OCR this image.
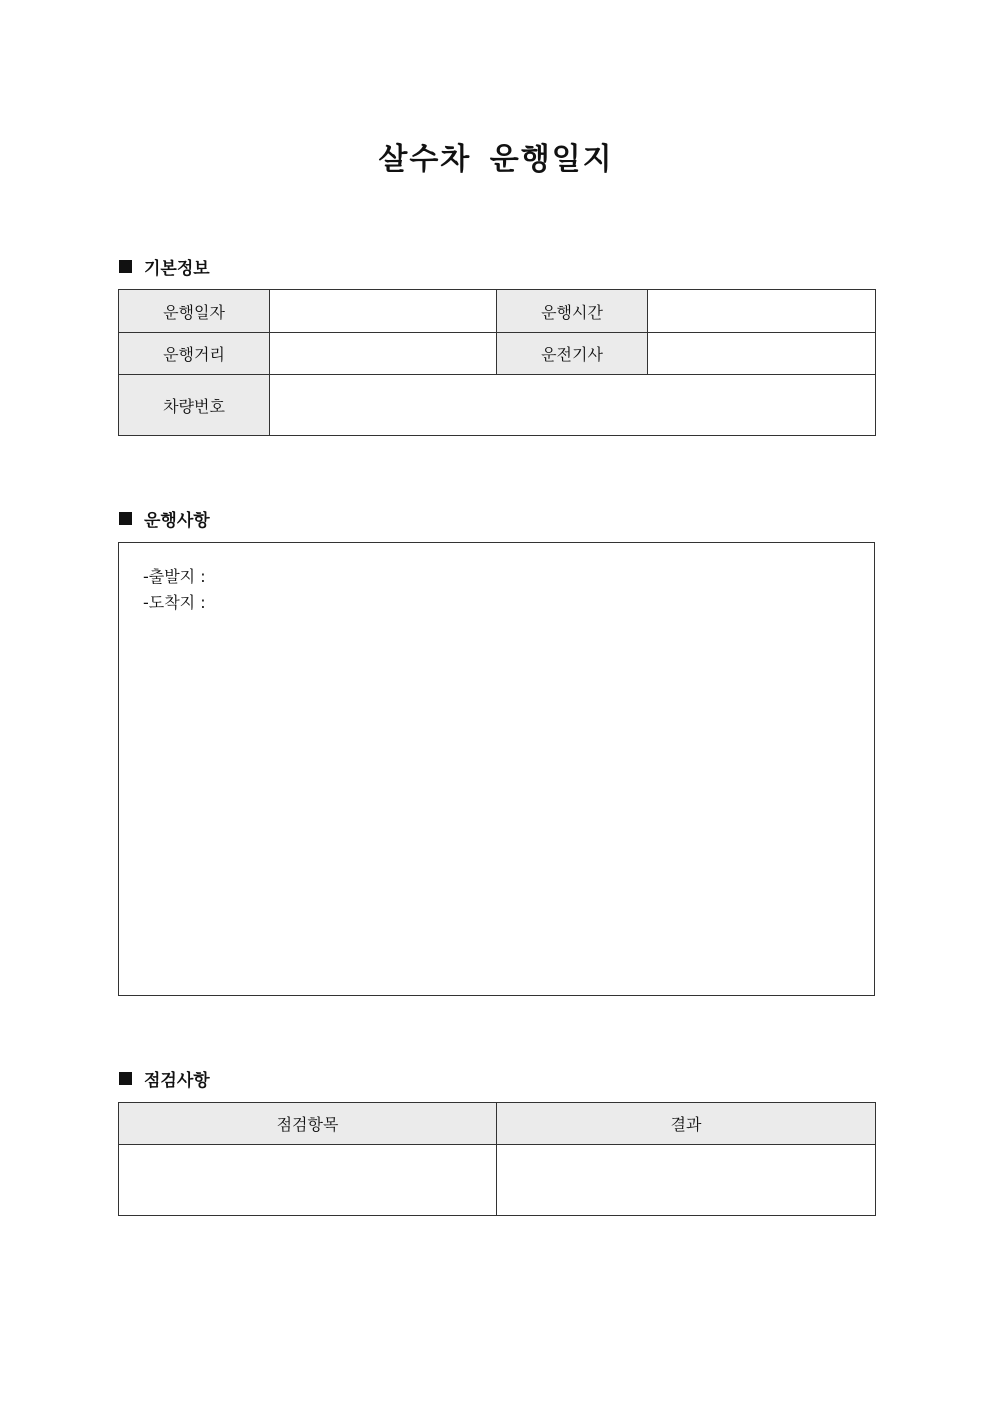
살수차 운행일지
기본정보
운행일자		운행시간	
운행거리		운전기사	
차량번호			
운행사항
-출발지 :
-도착지 :
점검사항
점검항목	결과
